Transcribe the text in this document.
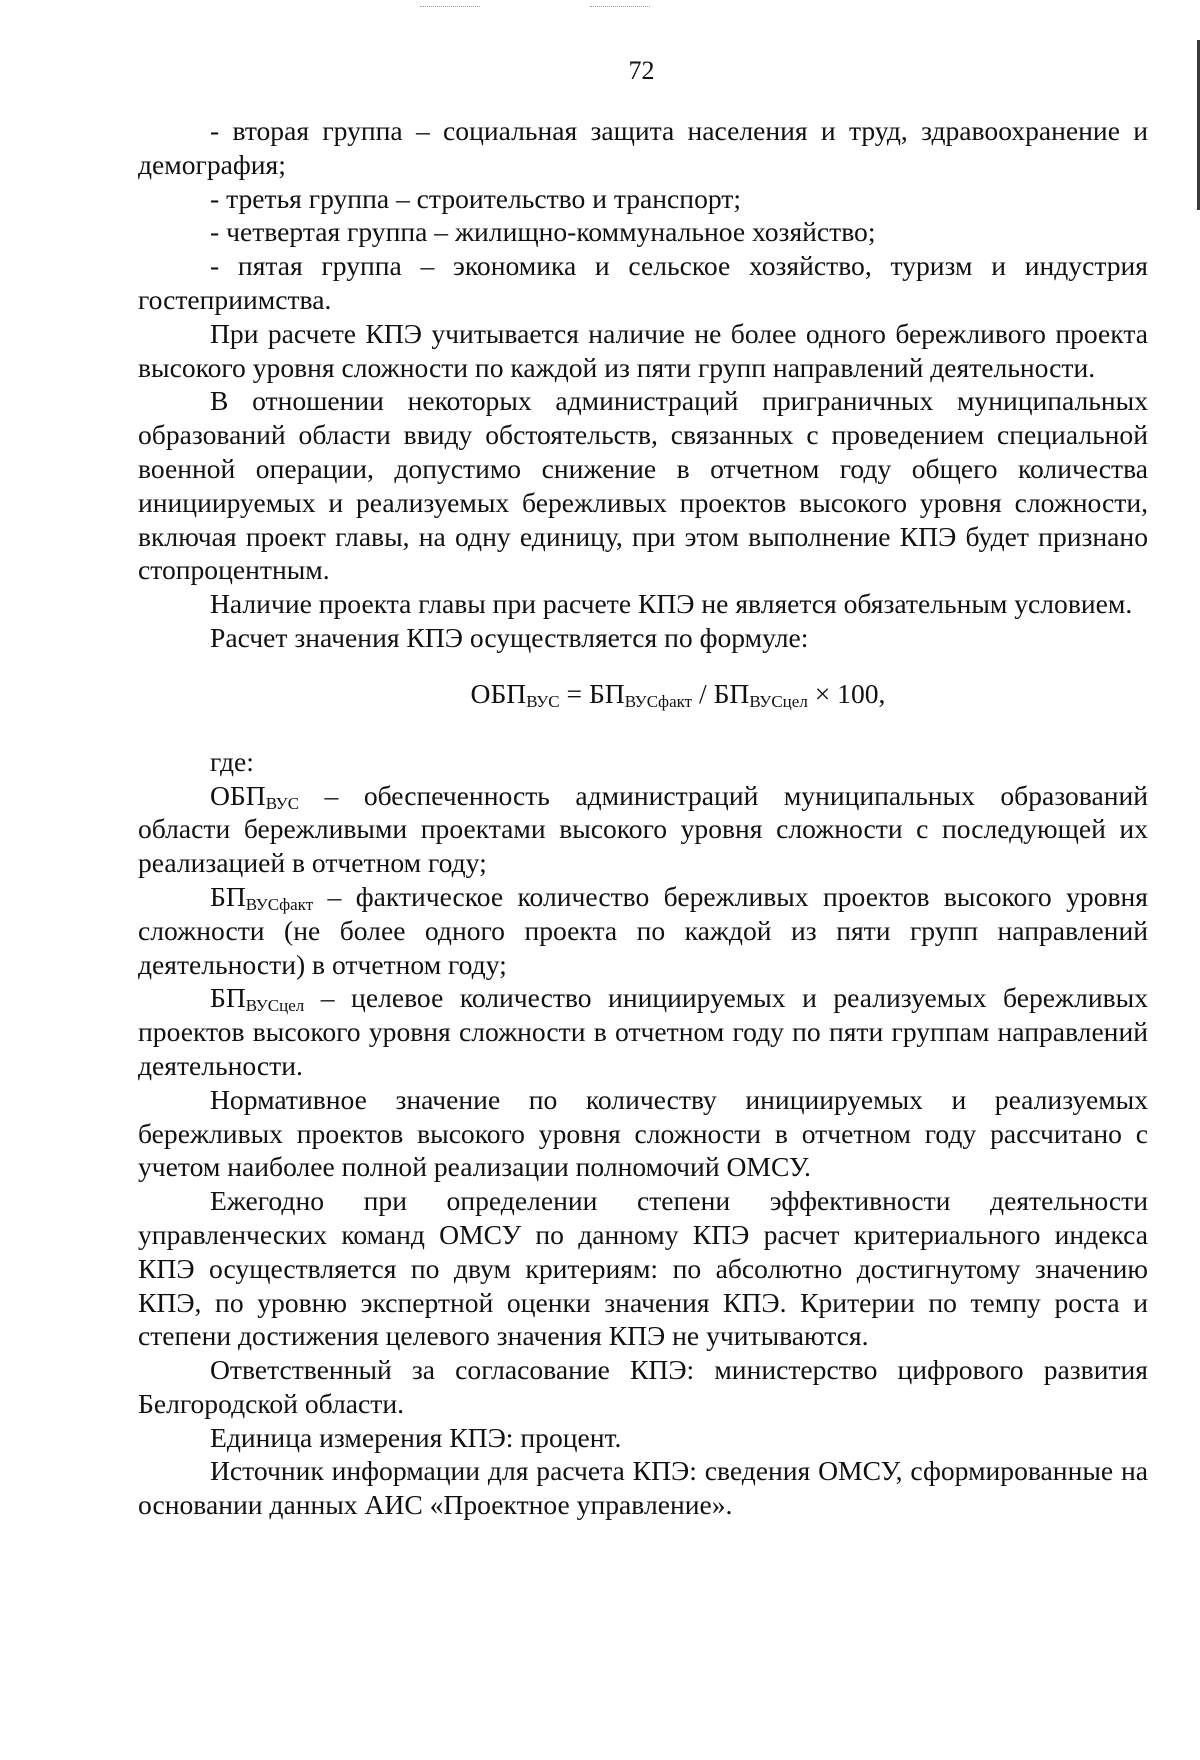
72

- вторая группа – социальная защита населения и труд, здравоохранение и демография;

- третья группа – строительство и транспорт;

- четвертая группа – жилищно-коммунальное хозяйство;

- пятая группа – экономика и сельское хозяйство, туризм и индустрия гостеприимства.

При расчете КПЭ учитывается наличие не более одного бережливого проекта высокого уровня сложности по каждой из пяти групп направлений деятельности.

В отношении некоторых администраций приграничных муниципальных образований области ввиду обстоятельств, связанных с проведением специальной военной операции, допустимо снижение в отчетном году общего количества инициируемых и реализуемых бережливых проектов высокого уровня сложности, включая проект главы, на одну единицу, при этом выполнение КПЭ будет признано стопроцентным.

Наличие проекта главы при расчете КПЭ не является обязательным условием.

Расчет значения КПЭ осуществляется по формуле:

$ОБП_{ВУС} = БП_{ВУСфакт} / БП_{ВУСцел} \times 100$,

где:

$ОБП_{ВУС}$ – обеспеченность администраций муниципальных образований области бережливыми проектами высокого уровня сложности с последующей их реализацией в отчетном году;

$БП_{ВУСфакт}$ – фактическое количество бережливых проектов высокого уровня сложности (не более одного проекта по каждой из пяти групп направлений деятельности) в отчетном году;

$БП_{ВУСцел}$ – целевое количество инициируемых и реализуемых бережливых проектов высокого уровня сложности в отчетном году по пяти группам направлений деятельности.

Нормативное значение по количеству инициируемых и реализуемых бережливых проектов высокого уровня сложности в отчетном году рассчитано с учетом наиболее полной реализации полномочий ОМСУ.

Ежегодно при определении степени эффективности деятельности управленческих команд ОМСУ по данному КПЭ расчет критериального индекса КПЭ осуществляется по двум критериям: по абсолютно достигнутому значению КПЭ, по уровню экспертной оценки значения КПЭ. Критерии по темпу роста и степени достижения целевого значения КПЭ не учитываются.

Ответственный за согласование КПЭ: министерство цифрового развития Белгородской области.

Единица измерения КПЭ: процент.

Источник информации для расчета КПЭ: сведения ОМСУ, сформированные на основании данных АИС «Проектное управление».
